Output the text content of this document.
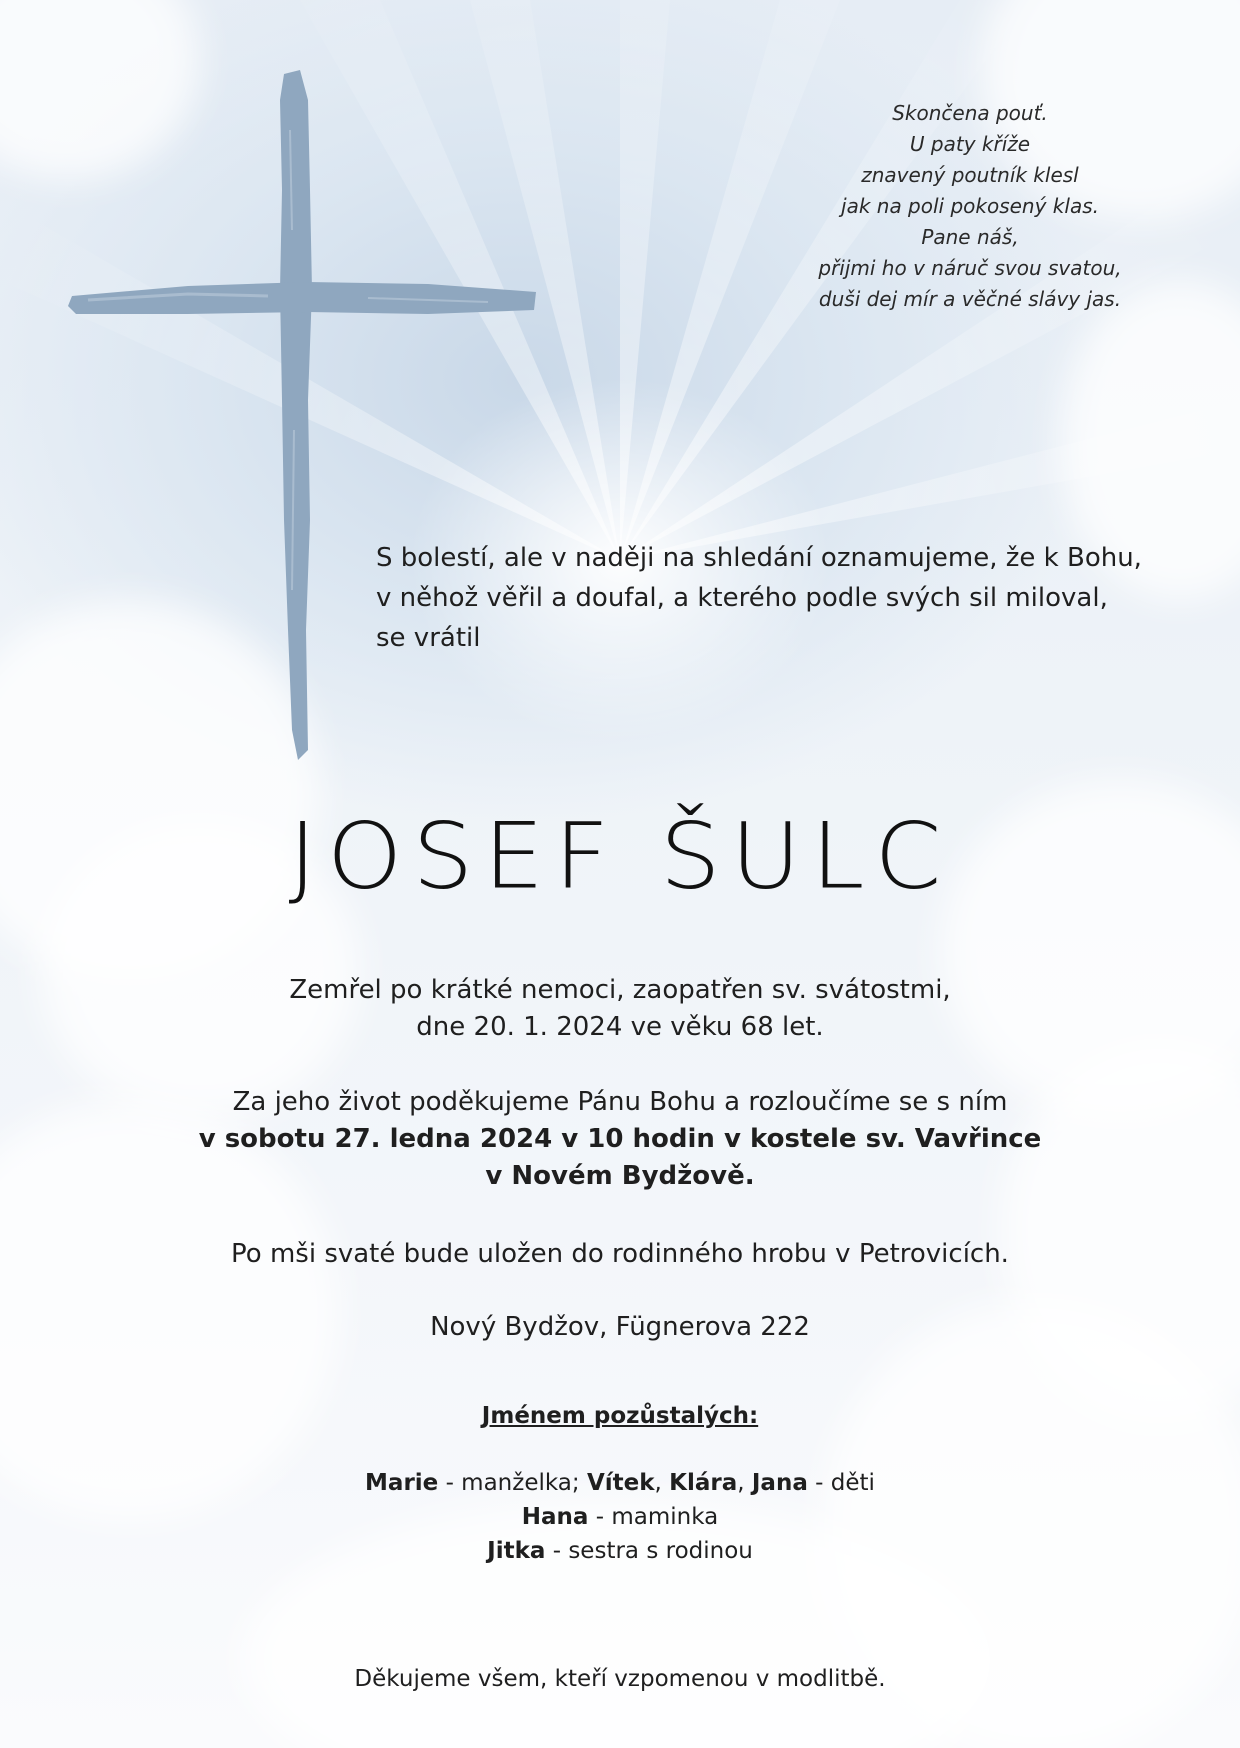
Skončena pouť.
U paty kříže
znavený poutník klesl
jak na poli pokosený klas.
Pane náš,
přijmi ho v náruč svou svatou,
duši dej mír a věčné slávy jas.
S bolestí, ale v naději na shledání oznamujeme, že k Bohu,
v něhož věřil a doufal, a kterého podle svých sil miloval,
se vrátil
JOSEF ŠULC
Zemřel po krátké nemoci, zaopatřen sv. svátostmi,
dne 20. 1. 2024 ve věku 68 let.
Za jeho život poděkujeme Pánu Bohu a rozloučíme se s ním
v sobotu 27. ledna 2024 v 10 hodin v kostele sv. Vavřince
v Novém Bydžově.
Po mši svaté bude uložen do rodinného hrobu v Petrovicích.
Nový Bydžov, Fügnerova 222
Jménem pozůstalých:
Marie - manželka; Vítek, Klára, Jana - děti
Hana - maminka
Jitka - sestra s rodinou
Děkujeme všem, kteří vzpomenou v modlitbě.
